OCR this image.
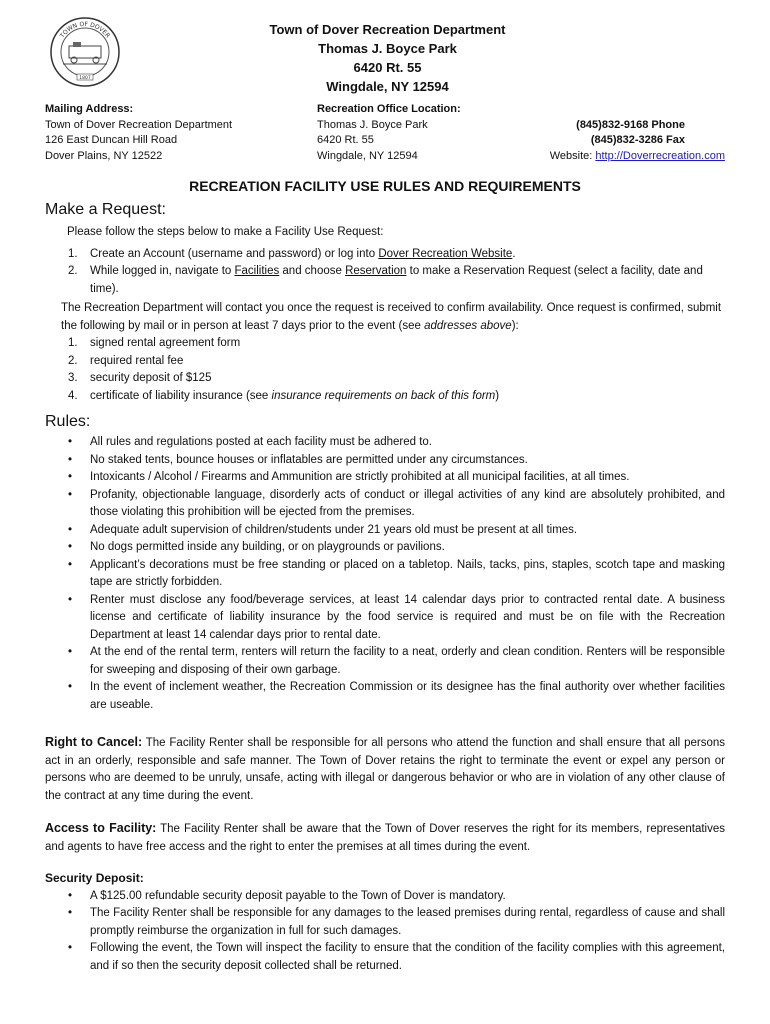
TOWN OF DOVER
1807
Town of Dover Recreation Department
Thomas J. Boyce Park
6420 Rt. 55
Wingdale, NY 12594
Mailing Address:
Town of Dover Recreation Department
126 East Duncan Hill Road
Dover Plains, NY 12522
Recreation Office Location:
Thomas J. Boyce Park
6420 Rt. 55
Wingdale, NY 12594

(845)832-9168 Phone
(845)832-3286 Fax
Website: http://Doverrecreation.com
RECREATION FACILITY USE RULES AND REQUIREMENTS
Make a Request:

Please follow the steps below to make a Facility Use Request:

1. Create an Account (username and password) or log into Dover Recreation Website.
2. While logged in, navigate to Facilities and choose Reservation to make a Reservation Request (select a facility, date and time).

The Recreation Department will contact you once the request is received to confirm availability. Once request is confirmed, submit the following by mail or in person at least 7 days prior to the event (see addresses above):

1. signed rental agreement form
2. required rental fee
3. security deposit of $125
4. certificate of liability insurance (see insurance requirements on back of this form)
Rules:
• All rules and regulations posted at each facility must be adhered to.
• No staked tents, bounce houses or inflatables are permitted under any circumstances.
• Intoxicants / Alcohol / Firearms and Ammunition are strictly prohibited at all municipal facilities, at all times.
• Profanity, objectionable language, disorderly acts of conduct or illegal activities of any kind are absolutely prohibited, and those violating this prohibition will be ejected from the premises.
• Adequate adult supervision of children/students under 21 years old must be present at all times.
• No dogs permitted inside any building, or on playgrounds or pavilions.
• Applicant’s decorations must be free standing or placed on a tabletop. Nails, tacks, pins, staples, scotch tape and masking tape are strictly forbidden.
• Renter must disclose any food/beverage services, at least 14 calendar days prior to contracted rental date. A business license and certificate of liability insurance by the food service is required and must be on file with the Recreation Department at least 14 calendar days prior to rental date.
• At the end of the rental term, renters will return the facility to a neat, orderly and clean condition. Renters will be responsible for sweeping and disposing of their own garbage.
• In the event of inclement weather, the Recreation Commission or its designee has the final authority over whether facilities are useable.
Right to Cancel: The Facility Renter shall be responsible for all persons who attend the function and shall ensure that all persons act in an orderly, responsible and safe manner. The Town of Dover retains the right to terminate the event or expel any person or persons who are deemed to be unruly, unsafe, acting with illegal or dangerous behavior or who are in violation of any other clause of the contract at any time during the event.
Access to Facility: The Facility Renter shall be aware that the Town of Dover reserves the right for its members, representatives and agents to have free access and the right to enter the premises at all times during the event.
Security Deposit:
• A $125.00 refundable security deposit payable to the Town of Dover is mandatory.
• The Facility Renter shall be responsible for any damages to the leased premises during rental, regardless of cause and shall promptly reimburse the organization in full for such damages.
• Following the event, the Town will inspect the facility to ensure that the condition of the facility complies with this agreement, and if so then the security deposit collected shall be returned.
